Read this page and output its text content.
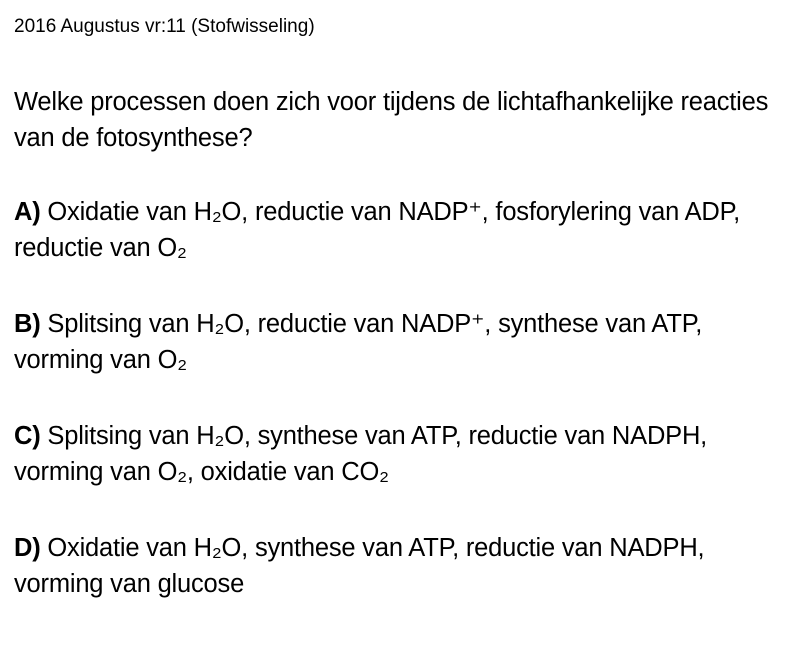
2016 Augustus vr:11 (Stofwisseling)
Welke processen doen zich voor tijdens de lichtafhankelijke reacties van de fotosynthese?
A) Oxidatie van H₂O, reductie van NADP⁺, fosforylering van ADP, reductie van O₂
B) Splitsing van H₂O, reductie van NADP⁺, synthese van ATP, vorming van O₂
C) Splitsing van H₂O, synthese van ATP, reductie van NADPH, vorming van O₂, oxidatie van CO₂
D) Oxidatie van H₂O, synthese van ATP, reductie van NADPH, vorming van glucose
